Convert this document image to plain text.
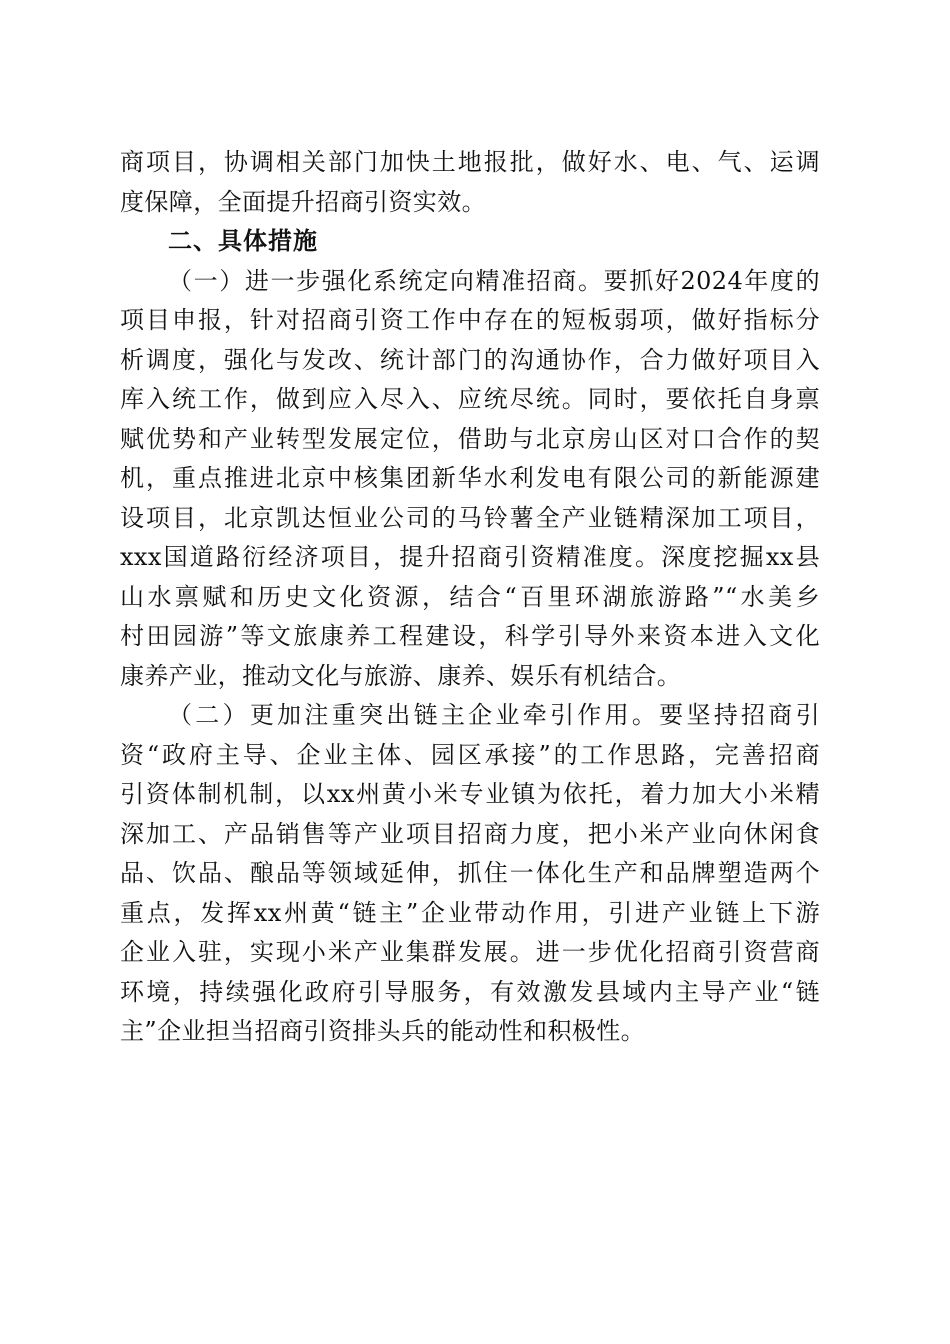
商项目，协调相关部门加快土地报批，做好水、电、气、运调
度保障，全面提升招商引资实效。
二、具体措施
（一）进一步强化系统定向精准招商。要抓好2024年度的
项目申报，针对招商引资工作中存在的短板弱项，做好指标分
析调度，强化与发改、统计部门的沟通协作，合力做好项目入
库入统工作，做到应入尽入、应统尽统。同时，要依托自身禀
赋优势和产业转型发展定位，借助与北京房山区对口合作的契
机，重点推进北京中核集团新华水利发电有限公司的新能源建
设项目，北京凯达恒业公司的马铃薯全产业链精深加工项目，
xxx国道路衍经济项目，提升招商引资精准度。深度挖掘xx县
山水禀赋和历史文化资源，结合“百里环湖旅游路”“水美乡
村田园游”等文旅康养工程建设，科学引导外来资本进入文化
康养产业，推动文化与旅游、康养、娱乐有机结合。
（二）更加注重突出链主企业牵引作用。要坚持招商引
资“政府主导、企业主体、园区承接”的工作思路，完善招商
引资体制机制，以xx州黄小米专业镇为依托，着力加大小米精
深加工、产品销售等产业项目招商力度，把小米产业向休闲食
品、饮品、酿品等领域延伸，抓住一体化生产和品牌塑造两个
重点，发挥xx州黄“链主”企业带动作用，引进产业链上下游
企业入驻，实现小米产业集群发展。进一步优化招商引资营商
环境，持续强化政府引导服务，有效激发县域内主导产业“链
主”企业担当招商引资排头兵的能动性和积极性。
